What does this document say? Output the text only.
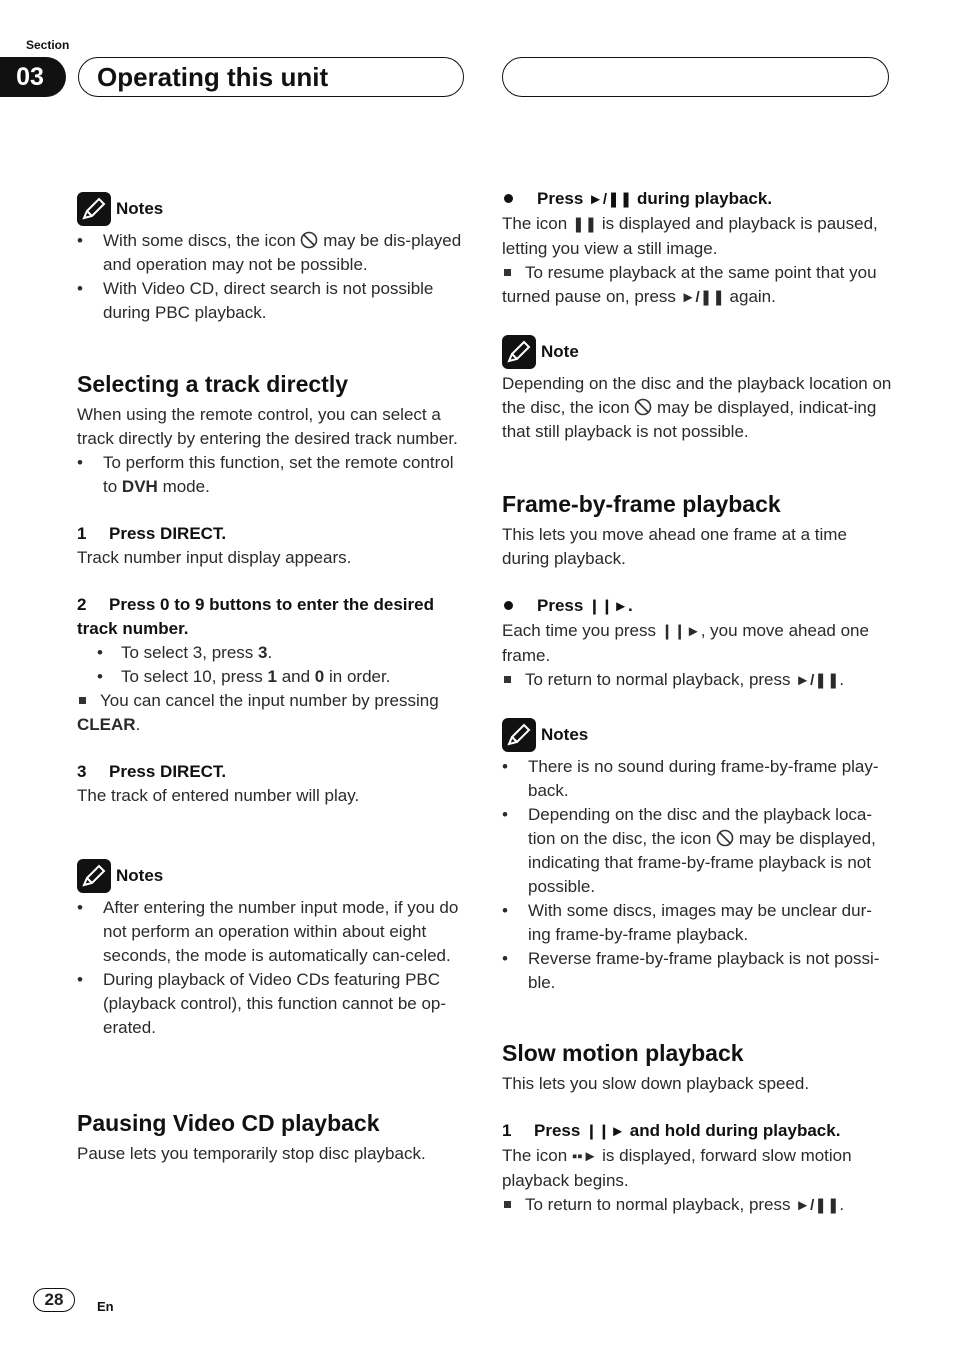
Section
03	Operating this unit
Notes
•	With some discs, the icon may be dis-played and operation may not be possible.
•	With Video CD, direct search is not possible during PBC playback.
Selecting a track directly

When using the remote control, you can select a track directly by entering the desired track number.

•	To perform this function, set the remote control to DVH mode.

1 Press DIRECT.

Track number input display appears.

2 Press 0 to 9 buttons to enter the desired track number.

•	To select 3, press 3.
•	To select 10, press 1 and 0 in order.

You can cancel the input number by pressing CLEAR.

3 Press DIRECT.

The track of entered number will play.

Notes
•	After entering the number input mode, if you do not perform an operation within about eight seconds, the mode is automatically can-celed.
•	During playback of Video CDs featuring PBC (playback control), this function cannot be op-erated.
Pausing Video CD playback

Pause lets you temporarily stop disc playback.

Press ►/❚❚ during playback.

The icon ❚❚ is displayed and playback is paused, letting you view a still image.

To resume playback at the same point that you turned pause on, press ►/❚❚ again.

Note

Depending on the disc and the playback location on the disc, the icon may be displayed, indicat-ing that still playback is not possible.

Frame-by-frame playback

This lets you move ahead one frame at a time during playback.

Press ❙❙►.

Each time you press ❙❙►, you move ahead one frame.

To return to normal playback, press ►/❚❚.

Notes
•	There is no sound during frame-by-frame play-back.
•	Depending on the disc and the playback loca-tion on the disc, the icon may be displayed, indicating that frame-by-frame playback is not possible.
•	With some discs, images may be unclear dur-ing frame-by-frame playback.
•	Reverse frame-by-frame playback is not possi-ble.
Slow motion playback

This lets you slow down playback speed.

1 Press ❙❙► and hold during playback.

The icon ▪▪► is displayed, forward slow motion playback begins.

To return to normal playback, press ►/❚❚.

28	En
